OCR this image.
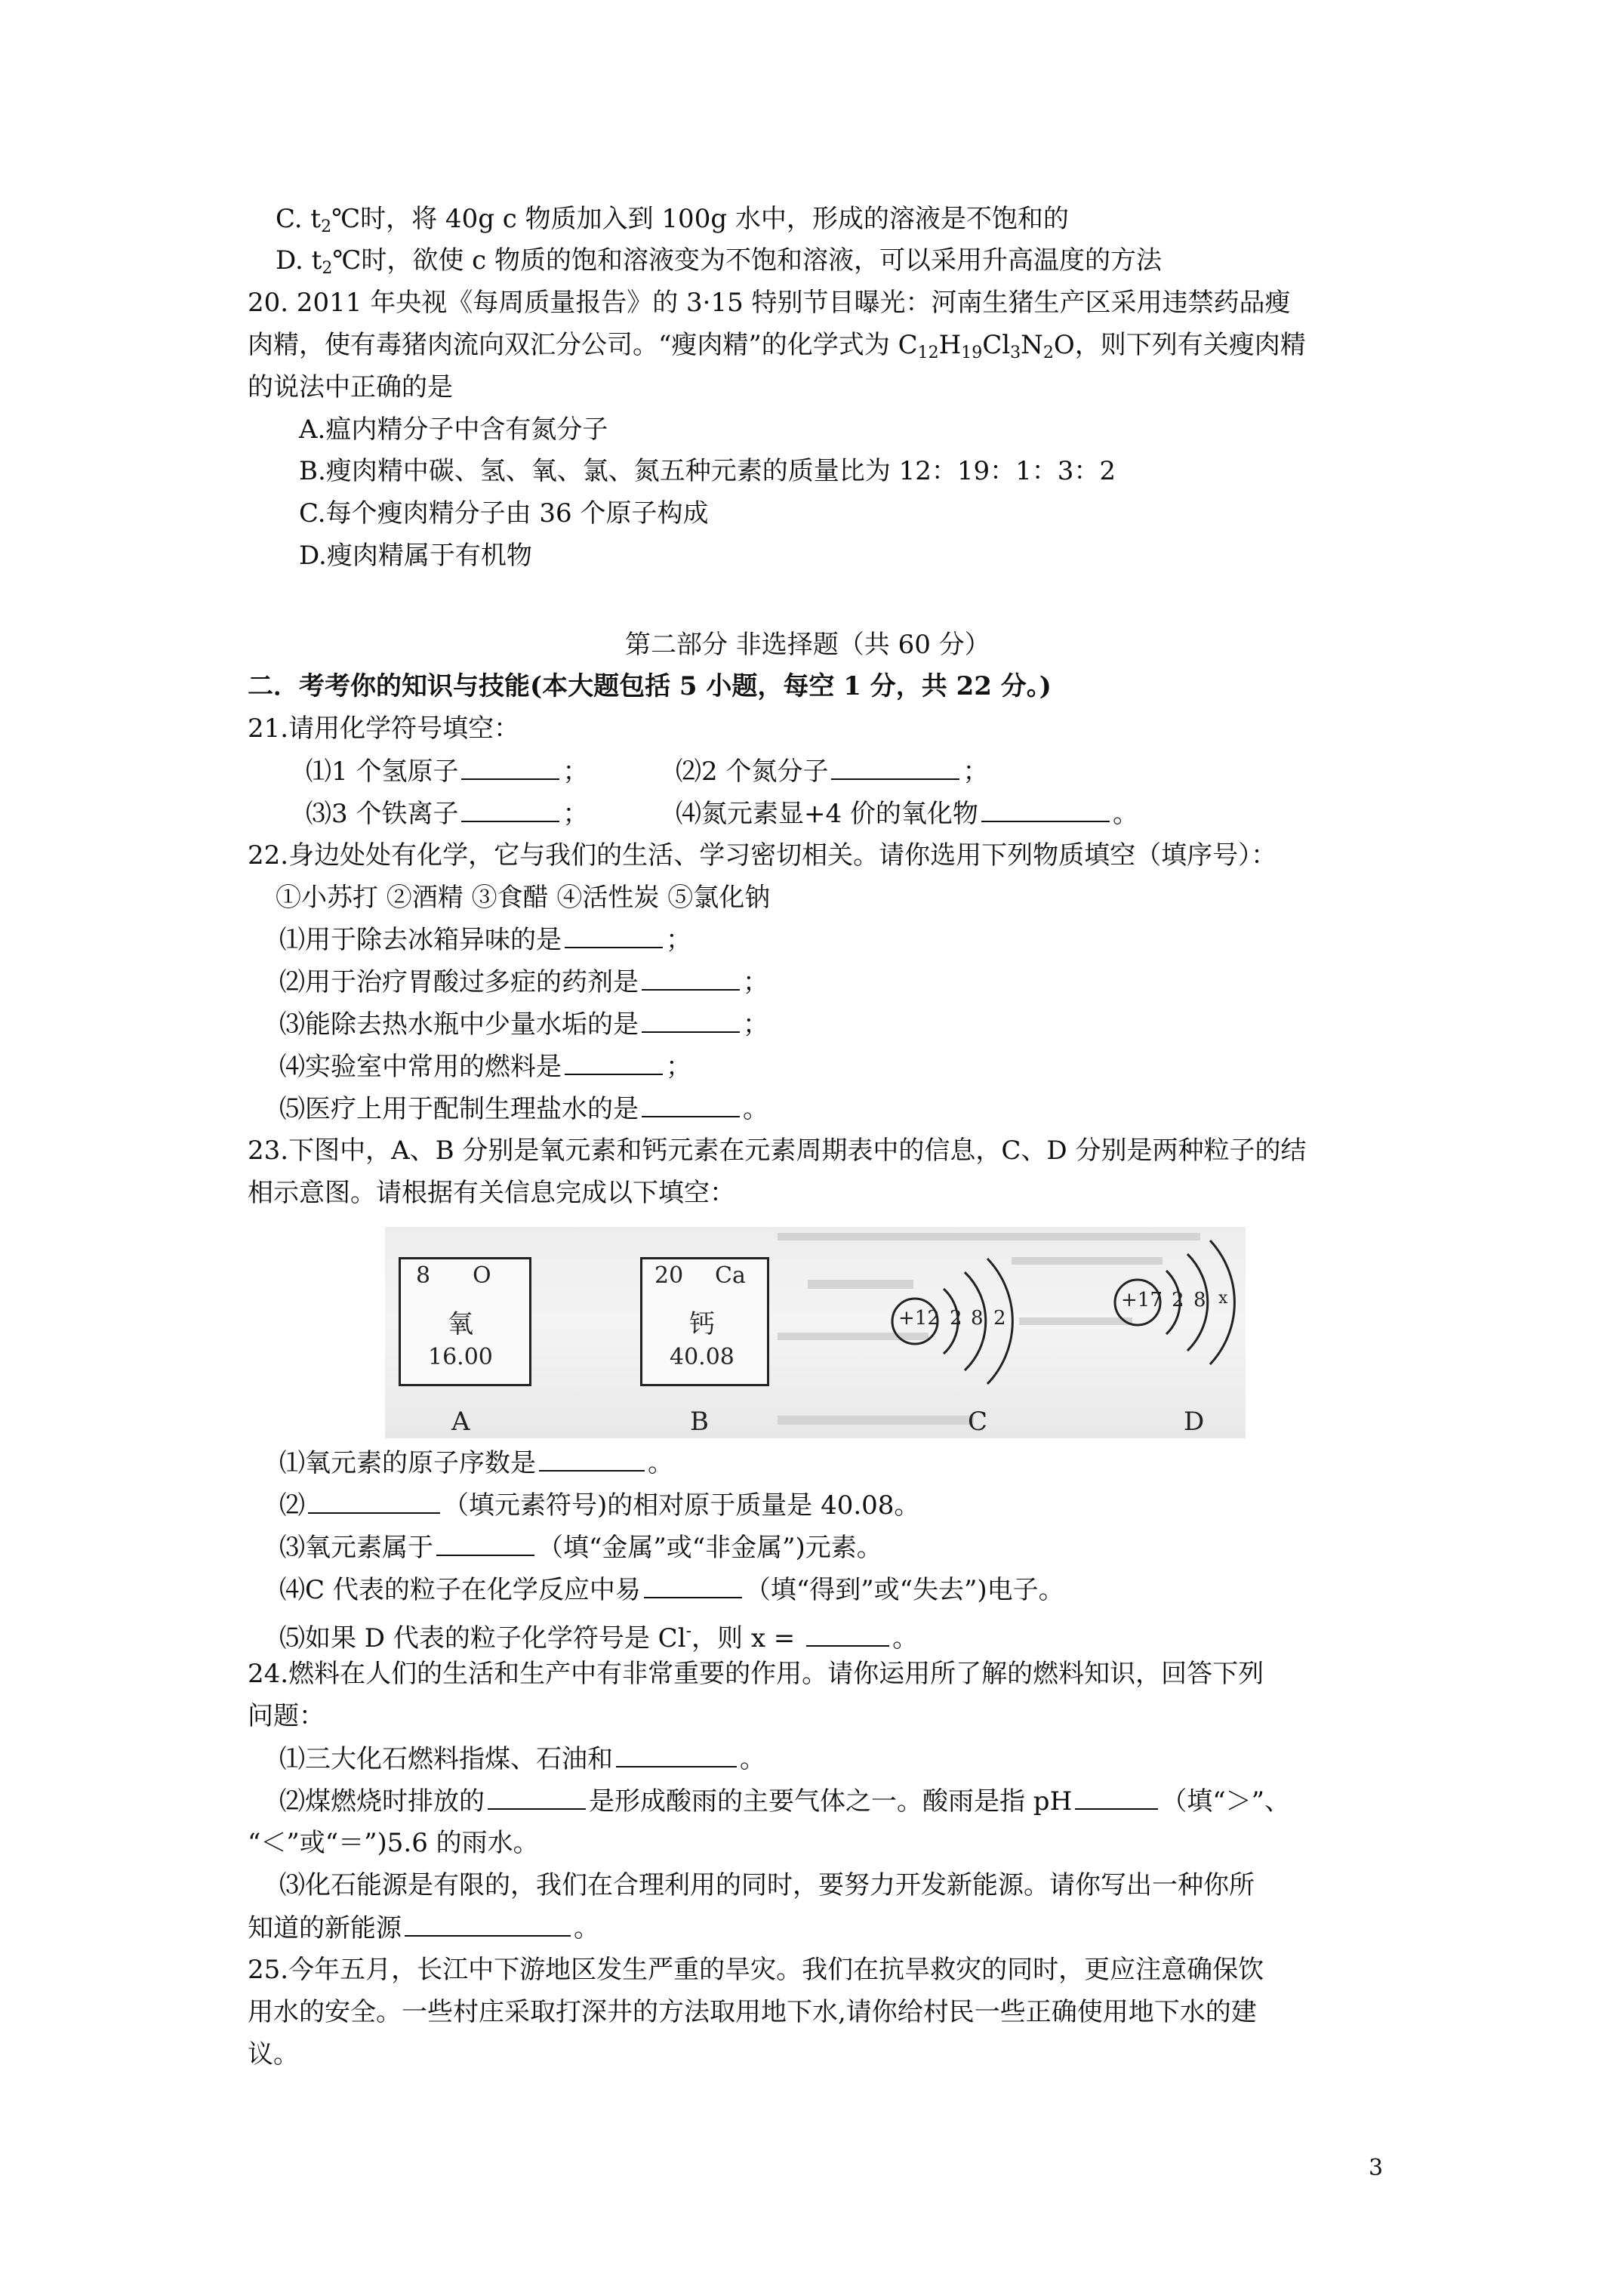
C. $t_2℃$时，将 40g c 物质加入到 100g 水中，形成的溶液是不饱和的
D. $t_2℃$时，欲使 c 物质的饱和溶液变为不饱和溶液，可以采用升高温度的方法
20. 2011 年央视《每周质量报告》的 3·15 特别节目曝光：河南生猪生产区采用违禁药品瘦
肉精，使有毒猪肉流向双汇分公司。“瘦肉精”的化学式为 $C_{12}H_{19}Cl_3N_2O$，则下列有关瘦肉精
的说法中正确的是
A.瘟内精分子中含有氮分子
B.瘦肉精中碳、氢、氧、氯、氮五种元素的质量比为 12：19：1：3：2
C.每个瘦肉精分子由 36 个原子构成
D.瘦肉精属于有机物
第二部分 非选择题（共 60 分）
二．考考你的知识与技能(本大题包括 5 小题，每空 1 分，共 22 分。)
21.请用化学符号填空：
⑴1 个氢原子	；	⑵2 个氮分子	；
⑶3 个铁离子	；	⑷氮元素显+4 价的氧化物	。
22.身边处处有化学，它与我们的生活、学习密切相关。请你选用下列物质填空（填序号）：
①小苏打 ②酒精 ③食醋 ④活性炭 ⑤氯化钠
⑴用于除去冰箱异味的是	；
⑵用于治疗胃酸过多症的药剂是	；
⑶能除去热水瓶中少量水垢的是	；
⑷实验室中常用的燃料是	；
⑸医疗上用于配制生理盐水的是	。
23.下图中，A、B 分别是氧元素和钙元素在元素周期表中的信息，C、D 分别是两种粒子的结
相示意图。请根据有关信息完成以下填空：
8 O
氧
16.00
A
20 Ca
钙
40.08
B
+12 2 8 2
C
+17 2 8 x
D
⑴氧元素的原子序数是	。
⑵	（填元素符号)的相对原于质量是 40.08。
⑶氧元素属于	（填“金属”或“非金属”)元素。
⑷C 代表的粒子在化学反应中易	（填“得到”或“失去”)电子。
⑸如果 D 代表的粒子化学符号是 Cl-，则 x =	。
24.燃料在人们的生活和生产中有非常重要的作用。请你运用所了解的燃料知识，回答下列
问题：
⑴三大化石燃料指煤、石油和	。
⑵煤燃烧时排放的	是形成酸雨的主要气体之一。酸雨是指 pH	（填“＞”、
“＜”或“＝”)5.6 的雨水。
⑶化石能源是有限的，我们在合理利用的同时，要努力开发新能源。请你写出一种你所
知道的新能源	。
25.今年五月，长江中下游地区发生严重的旱灾。我们在抗旱救灾的同时，更应注意确保饮
用水的安全。一些村庄采取打深井的方法取用地下水,请你给村民一些正确使用地下水的建
议。
3
